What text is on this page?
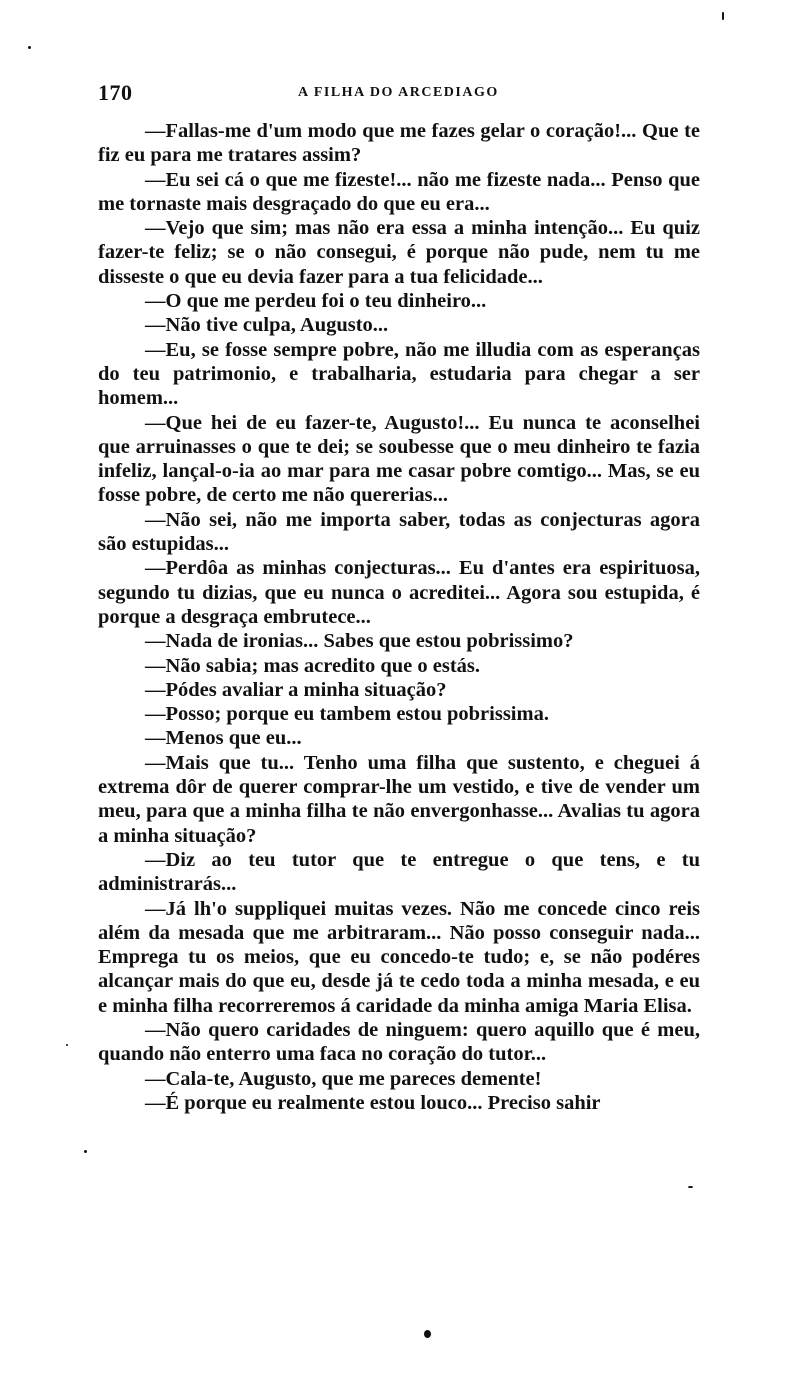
170	A FILHA DO ARCEDIAGO

—Fallas-me d'um modo que me fazes gelar o coração!... Que te fiz eu para me tratares assim?

—Eu sei cá o que me fizeste!... não me fizeste nada... Penso que me tornaste mais desgraçado do que eu era...

—Vejo que sim; mas não era essa a minha intenção... Eu quiz fazer-te feliz; se o não consegui, é porque não pude, nem tu me disseste o que eu devia fazer para a tua felicidade...

—O que me perdeu foi o teu dinheiro...

—Não tive culpa, Augusto...

—Eu, se fosse sempre pobre, não me illudia com as esperanças do teu patrimonio, e trabalharia, estudaria para chegar a ser homem...

—Que hei de eu fazer-te, Augusto!... Eu nunca te aconselhei que arruinasses o que te dei; se soubesse que o meu dinheiro te fazia infeliz, lançal-o-ia ao mar para me casar pobre comtigo... Mas, se eu fosse pobre, de certo me não quererias...

—Não sei, não me importa saber, todas as conjecturas agora são estupidas...

—Perdôa as minhas conjecturas... Eu d'antes era espirituosa, segundo tu dizias, que eu nunca o acreditei... Agora sou estupida, é porque a desgraça embrutece...

—Nada de ironias... Sabes que estou pobrissimo?

—Não sabia; mas acredito que o estás.

—Pódes avaliar a minha situação?

—Posso; porque eu tambem estou pobrissima.

—Menos que eu...

—Mais que tu... Tenho uma filha que sustento, e cheguei á extrema dôr de querer comprar-lhe um vestido, e tive de vender um meu, para que a minha filha te não envergonhasse... Avalias tu agora a minha situação?

—Diz ao teu tutor que te entregue o que tens, e tu administrarás...

—Já lh'o suppliquei muitas vezes. Não me concede cinco reis além da mesada que me arbitraram... Não posso conseguir nada... Emprega tu os meios, que eu concedo-te tudo; e, se não podéres alcançar mais do que eu, desde já te cedo toda a minha mesada, e eu e minha filha recorreremos á caridade da minha amiga Maria Elisa.

—Não quero caridades de ninguem: quero aquillo que é meu, quando não enterro uma faca no coração do tutor...

—Cala-te, Augusto, que me pareces demente!

—É porque eu realmente estou louco... Preciso sahir
